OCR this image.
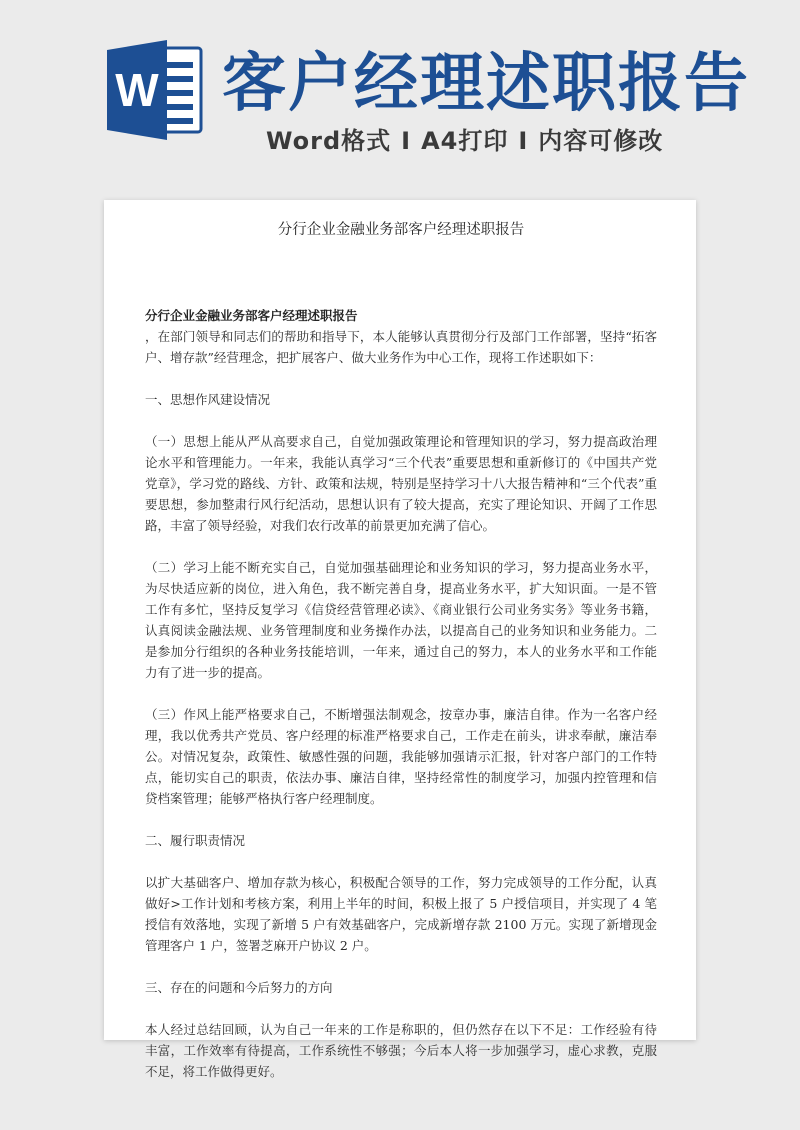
W 客户经理述职报告
Word格式 I A4打印 I 内容可修改

分行企业金融业务部客户经理述职报告

分行企业金融业务部客户经理述职报告

，在部门领导和同志们的帮助和指导下，本人能够认真贯彻分行及部门工作部署，坚持“拓客户、增存款”经营理念，把扩展客户、做大业务作为中心工作，现将工作述职如下：

一、思想作风建设情况

（一）思想上能从严从高要求自己，自觉加强政策理论和管理知识的学习，努力提高政治理论水平和管理能力。一年来，我能认真学习“三个代表”重要思想和重新修订的《中国共产党党章》，学习党的路线、方针、政策和法规，特别是坚持学习十八大报告精神和“三个代表”重要思想，参加整肃行风行纪活动，思想认识有了较大提高，充实了理论知识、开阔了工作思路，丰富了领导经验，对我们农行改革的前景更加充满了信心。

（二）学习上能不断充实自己，自觉加强基础理论和业务知识的学习，努力提高业务水平，为尽快适应新的岗位，进入角色，我不断完善自身，提高业务水平，扩大知识面。一是不管工作有多忙，坚持反复学习《信贷经营管理必读》、《商业银行公司业务实务》等业务书籍，认真阅读金融法规、业务管理制度和业务操作办法，以提高自己的业务知识和业务能力。二是参加分行组织的各种业务技能培训，一年来，通过自己的努力，本人的业务水平和工作能力有了进一步的提高。

（三）作风上能严格要求自己，不断增强法制观念，按章办事，廉洁自律。作为一名客户经理，我以优秀共产党员、客户经理的标准严格要求自己，工作走在前头，讲求奉献，廉洁奉公。对情况复杂，政策性、敏感性强的问题，我能够加强请示汇报，针对客户部门的工作特点，能切实自己的职责，依法办事、廉洁自律，坚持经常性的制度学习，加强内控管理和信贷档案管理；能够严格执行客户经理制度。

二、履行职责情况

以扩大基础客户、增加存款为核心，积极配合领导的工作，努力完成领导的工作分配，认真做好>工作计划和考核方案，利用上半年的时间，积极上报了 5 户授信项目，并实现了 4 笔授信有效落地，实现了新增 5 户有效基础客户，完成新增存款 2100 万元。实现了新增现金管理客户 1 户，签署芝麻开户协议 2 户。

三、存在的问题和今后努力的方向

本人经过总结回顾，认为自己一年来的工作是称职的，但仍然存在以下不足：工作经验有待丰富，工作效率有待提高，工作系统性不够强；今后本人将一步加强学习，虚心求教，克服不足，将工作做得更好。
